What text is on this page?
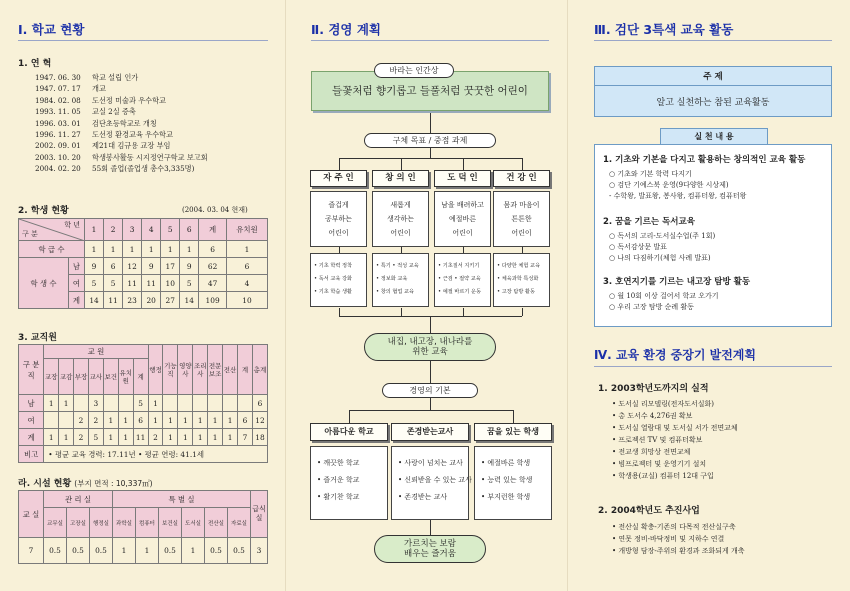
Ⅰ. 학교 현황
1. 연 혁
1947. 06. 30	학교 설립 인가
1947. 07. 17	개교
1984. 02. 08	도선정 미술과 우수학교
1993. 11. 05	교실 2실 증축
1996. 03. 01	검단초등학교로 개칭
1996. 11. 27	도선정 환경교육 우수학교
2002. 09. 01	제21대 김규용 교장 부임
2003. 10. 20	학생봉사활동 시지정연구학교 보고회
2004. 02. 20	55회 졸업(졸업생 총수3,335명)
2. 학생 현황	(2004. 03. 04 현재)
학 년
구 분		1	2	3	4	5	6	계	유치원
학 급 수		1	1	1	1	1	1	6	1
학 생 수	남	9	6	12	9	17	9	62	6
	여	5	5	11	11	10	5	47	4
	계	14	11	23	20	27	14	109	10
3. 교직원
구 분
직	교 원							행정	기능직	영양사	조리사	전문보조	전산	계	총계
	교장	교감	부장	교사	보건	유치원	계								
남	1	1		3			5	1							6
여			2	2	1	1	6	1	1	1	1	1	1	6	12
계	1	1	2	5	1	1	11	2	1	1	1	1	1	7	18
비고	• 평균 교육 경력: 17.11년 • 평균 연령: 41.1세														
라. 시설 현황 (부지 면적 : 10,337㎡)
교 실	관 리 실			특 별 실						급식실
	교무실	고장실	행정실	과학실	컴퓨터	보건실	도서실	전산실	자료실	
7	0.5	0.5	0.5	1	1	0.5	1	0.5	0.5	3
Ⅱ. 경영 계획
들꽃처럼 향기롭고 들풀처럼 꿋꿋한 어린이
바라는 인간상
구체 목표 / 중점 과제
자 주 인
즐겁게
공부하는
어린이
• 기초 학력 정착
• 독서 교육 강화
• 기초 학습 생활
창 의 인
새롭게
생각하는
어린이
• 특기 • 적성 교육
• 정보화 교육
• 창의 협업 교육
도 덕 인
남을 배려하고
예절바른
어린이
• 기초질서 지키기
• 근검 • 절약 교육
• 예절 바르기 운동
건 강 인
몸과 마음이
튼튼한
어린이
• 다양한 체험 교육
• 체육과학 특성화
• 고장 탐방 활동
내집, 내고장, 내나라를
위한 교육
경영의 기본
아름다운 학교
• 깨끗한 학교
• 즐거운 학교
• 활기찬 학교
존경받는교사
• 사랑이 넘치는 교사
• 신뢰받을 수 있는 교사
• 존경받는 교사
꿈을 있는 학생
• 예절바른 학생
• 능력 있는 학생
• 부지런한 학생
가르치는 보람
배우는 즐거움
Ⅲ. 검단 3특색 교육 활동
주 제
알고 실천하는 참된 교육활동
실 천 내 용
1. 기초와 기본을 다지고 활용하는 창의적인 교육 활동
○ 기초와 기본 학력 다지기
○ 검단 기예스북 운영(9다양한 시상제)
- 수학왕, 발표왕, 봉사왕, 컴퓨터왕, 컴퓨터왕
2. 꿈을 기르는 독서교육
○ 독서의 고리-도서실수업(주 1회)
○ 독서감상문 발표
○ 나의 다짐하기(체험 사례 발표)
3. 호연지기를 기르는 내고장 탐방 활동
○ 월 10회 이상 걸어서 학교 오가기
○ 우리 고장 탐방 순례 활동
Ⅳ. 교육 환경 중장기 발전계획
1. 2003학년도까지의 실적
• 도서실 리모델링(전자도서실화)
• 총 도서수 4,276권 확보
• 도서실 열람대 및 도서실 서가 전면교체
• 프로젝션 TV 및 컴퓨터확보
• 전교생 희망상 전면교체
• 빔프로젝터 및 운영기기 설치
• 학생용(교실) 컴퓨터 12대 구입
2. 2004학년도 추진사업
• 전산실 확충-기존의 다목적 전산실구축
• 연못 정비-바닥정비 및 지하수 연결
• 개방형 담장-주위의 환경과 조화되게 개축
